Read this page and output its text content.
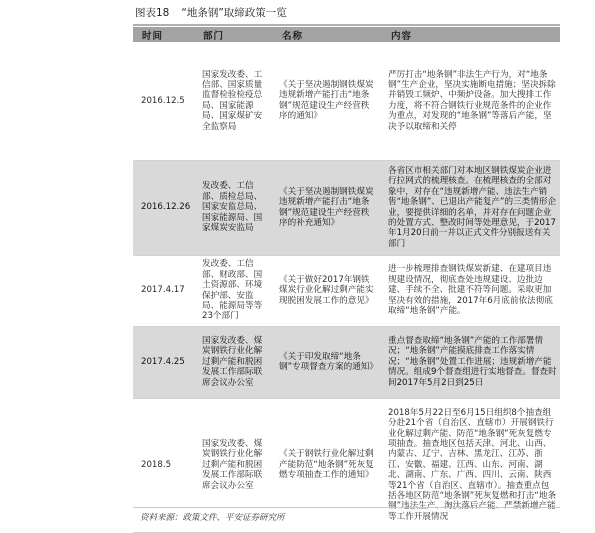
图表18 “地条钢”取缔政策一览
时间	部门	名称	内容
2016.12.5	国家发改委、工信部、国家质量监督检验检疫总局、国家能源局、国家煤矿安全监察局	《关于坚决遏制钢铁煤炭违规新增产能打击“地条钢”规范建设生产经营秩序的通知》	严厉打击“地条钢”非法生产行为，对“地条钢”生产企业，坚决实施断电措施；坚决拆除并销毁工频炉、中频炉设备。加大搜排工作力度，将不符合钢铁行业规范条件的企业作为重点，对发现的“地条钢”等落后产能，坚决予以取缔和关停
2016.12.26	发改委、工信部、质检总局、国家安监总局、国家能源局、国家煤炭安监局	《关于坚决遏制钢铁煤炭违规新增产能打击“地条钢”规范建设生产经营秩序的补充通知》	各省区市相关部门对本地区钢铁煤炭企业进行拉网式的梳理核查。在梳理核查的全部对象中，对存在“违规新增产能、违法生产销售“地条钢”、已退出产能复产”的三类情形企业，要提供详细的名单，并对存在问题企业的处置方式、整改时间等处理意见，于2017年1月20日前一并以正式文件分别报送有关部门
2017.4.17	发改委、工信部、财政部、国土资源部、环境保护部、安监局、能源局等等23个部门	《关于做好2017年钢铁煤炭行业化解过剩产能实现脱困发展工作的意见》	进一步梳理排查钢铁煤炭新建、在建项目违规建设情况，彻底查处违规建设、边批边建、手续不全、批建不符等问题。采取更加坚决有效的措施，2017年6月底前依法彻底取缔“地条钢”产能。
2017.4.25	国家发改委、煤炭钢铁行业化解过剩产能和脱困发展工作部际联席会议办公室	《关于印发取缔“地条钢”专项督查方案的通知》	重点督查取缔“地条钢”产能的工作部署情况；“地条钢”产能摸底排查工作落实情况；“地条钢”处置工作进展；违规新增产能情况。组成9个督查组进行实地督查。督查时间2017年5月2日到25日
2018.5	国家发改委、煤炭钢铁行业化解过剩产能和脱困发展工作部际联席会议办公室	《关于钢铁行业化解过剩产能防范“地条钢”死灰复燃专项抽查工作的通知》	2018年5月22日至6月15日组织8个抽查组分赴21个省（自治区、直辖市）开展钢铁行业化解过剩产能、防范“地条钢”死灰复燃专项抽查。抽查地区包括天津、河北、山西、内蒙古、辽宁、吉林、黑龙江、江苏、浙江、安徽、福建、江西、山东、河南、湖北、湖南、广东、广西、四川、云南、陕西等21个省（自治区、直辖市）。抽查重点包括各地区防范“地条钢”死灰复燃和打击“地条 等工作开展情况
资料来源：政策文件、平安证券研究所
